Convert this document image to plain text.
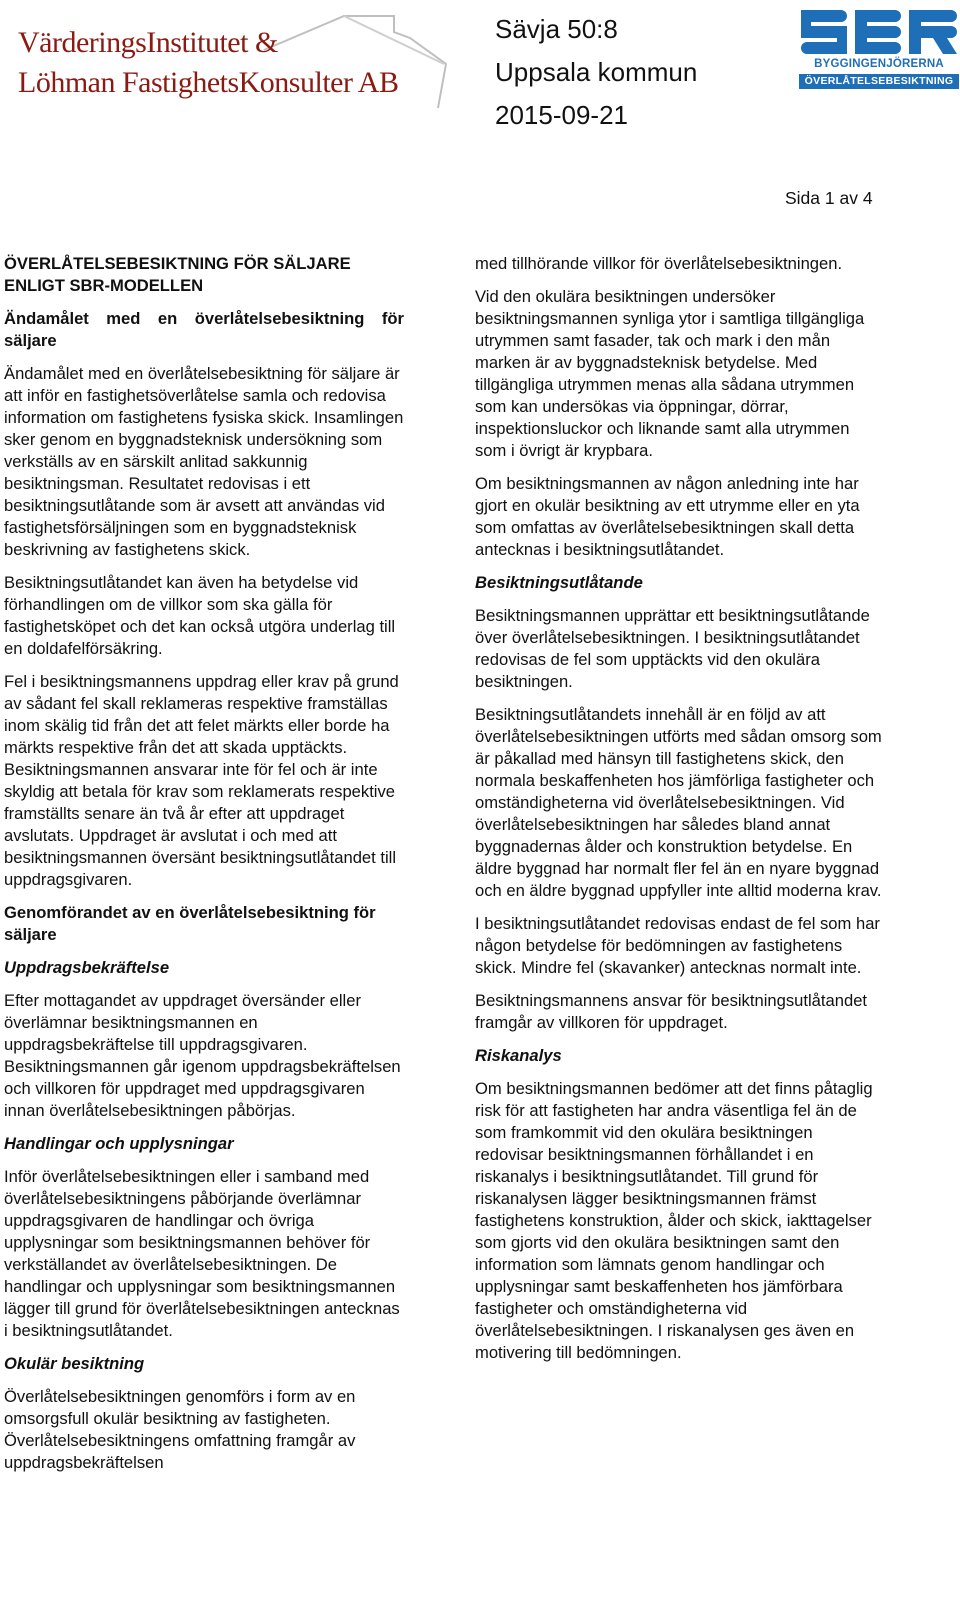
VärderingsInstitutet &
Löhman FastighetsKonsulter AB
Sävja 50:8
Uppsala kommun
2015-09-21
BYGGINGENJÖRERNA
ÖVERLÅTELSEBESIKTNING
Sida 1 av 4
ÖVERLÅTELSEBESIKTNING FÖR SÄLJARE ENLIGT SBR-MODELLEN
Ändamålet med en överlåtelsebesiktning för säljare

Ändamålet med en överlåtelsebesiktning för säljare är att inför en fastighetsöverlåtelse samla och redovisa information om fastighetens fysiska skick. Insamlingen sker genom en byggnadsteknisk undersökning som verkställs av en särskilt anlitad sakkunnig besiktningsman. Resultatet redovisas i ett besiktningsutlåtande som är avsett att användas vid fastighetsförsäljningen som en byggnadsteknisk beskrivning av fastighetens skick.

Besiktningsutlåtandet kan även ha betydelse vid förhandlingen om de villkor som ska gälla för fastighetsköpet och det kan också utgöra underlag till en doldafelförsäkring.

Fel i besiktningsmannens uppdrag eller krav på grund av sådant fel skall reklameras respektive framställas inom skälig tid från det att felet märkts eller borde ha märkts respektive från det att skada upptäckts. Besiktningsmannen ansvarar inte för fel och är inte skyldig att betala för krav som reklamerats respektive framställts senare än två år efter att uppdraget avslutats. Uppdraget är avslutat i och med att besiktningsmannen översänt besiktningsutlåtandet till uppdragsgivaren.

Genomförandet av en överlåtelsebesiktning för säljare
Uppdragsbekräftelse

Efter mottagandet av uppdraget översänder eller överlämnar besiktningsmannen en uppdragsbekräftelse till uppdragsgivaren. Besiktningsmannen går igenom uppdragsbekräftelsen och villkoren för uppdraget med uppdragsgivaren innan överlåtelsebesiktningen påbörjas.

Handlingar och upplysningar

Inför överlåtelsebesiktningen eller i samband med överlåtelsebesiktningens påbörjande överlämnar uppdragsgivaren de handlingar och övriga upplysningar som besiktningsmannen behöver för verkställandet av överlåtelsebesiktningen. De handlingar och upplysningar som besiktningsmannen lägger till grund för överlåtelsebesiktningen antecknas i besiktningsutlåtandet.

Okulär besiktning

Överlåtelsebesiktningen genomförs i form av en omsorgsfull okulär besiktning av fastigheten. Överlåtelsebesiktningens omfattning framgår av uppdragsbekräftelsen

med tillhörande villkor för överlåtelsebesiktningen.

Vid den okulära besiktningen undersöker besiktningsmannen synliga ytor i samtliga tillgängliga utrymmen samt fasader, tak och mark i den mån marken är av byggnadsteknisk betydelse. Med tillgängliga utrymmen menas alla sådana utrymmen som kan undersökas via öppningar, dörrar, inspektionsluckor och liknande samt alla utrymmen som i övrigt är krypbara.

Om besiktningsmannen av någon anledning inte har gjort en okulär besiktning av ett utrymme eller en yta som omfattas av överlåtelsebesiktningen skall detta antecknas i besiktningsutlåtandet.

Besiktningsutlåtande

Besiktningsmannen upprättar ett besiktningsutlåtande över överlåtelsebesiktningen. I besiktningsutlåtandet redovisas de fel som upptäckts vid den okulära besiktningen.

Besiktningsutlåtandets innehåll är en följd av att överlåtelsebesiktningen utförts med sådan omsorg som är påkallad med hänsyn till fastighetens skick, den normala beskaffenheten hos jämförliga fastigheter och omständigheterna vid överlåtelsebesiktningen. Vid överlåtelsebesiktningen har således bland annat byggnadernas ålder och konstruktion betydelse. En äldre byggnad har normalt fler fel än en nyare byggnad och en äldre byggnad uppfyller inte alltid moderna krav.

I besiktningsutlåtandet redovisas endast de fel som har någon betydelse för bedömningen av fastighetens skick. Mindre fel (skavanker) antecknas normalt inte.

Besiktningsmannens ansvar för besiktningsutlåtandet framgår av villkoren för uppdraget.

Riskanalys

Om besiktningsmannen bedömer att det finns påtaglig risk för att fastigheten har andra väsentliga fel än de som framkommit vid den okulära besiktningen redovisar besiktningsmannen förhållandet i en riskanalys i besiktningsutlåtandet. Till grund för riskanalysen lägger besiktningsmannen främst fastighetens konstruktion, ålder och skick, iakttagelser som gjorts vid den okulära besiktningen samt den information som lämnats genom handlingar och upplysningar samt beskaffenheten hos jämförbara fastigheter och omständigheterna vid överlåtelsebesiktningen. I riskanalysen ges även en motivering till bedömningen.
